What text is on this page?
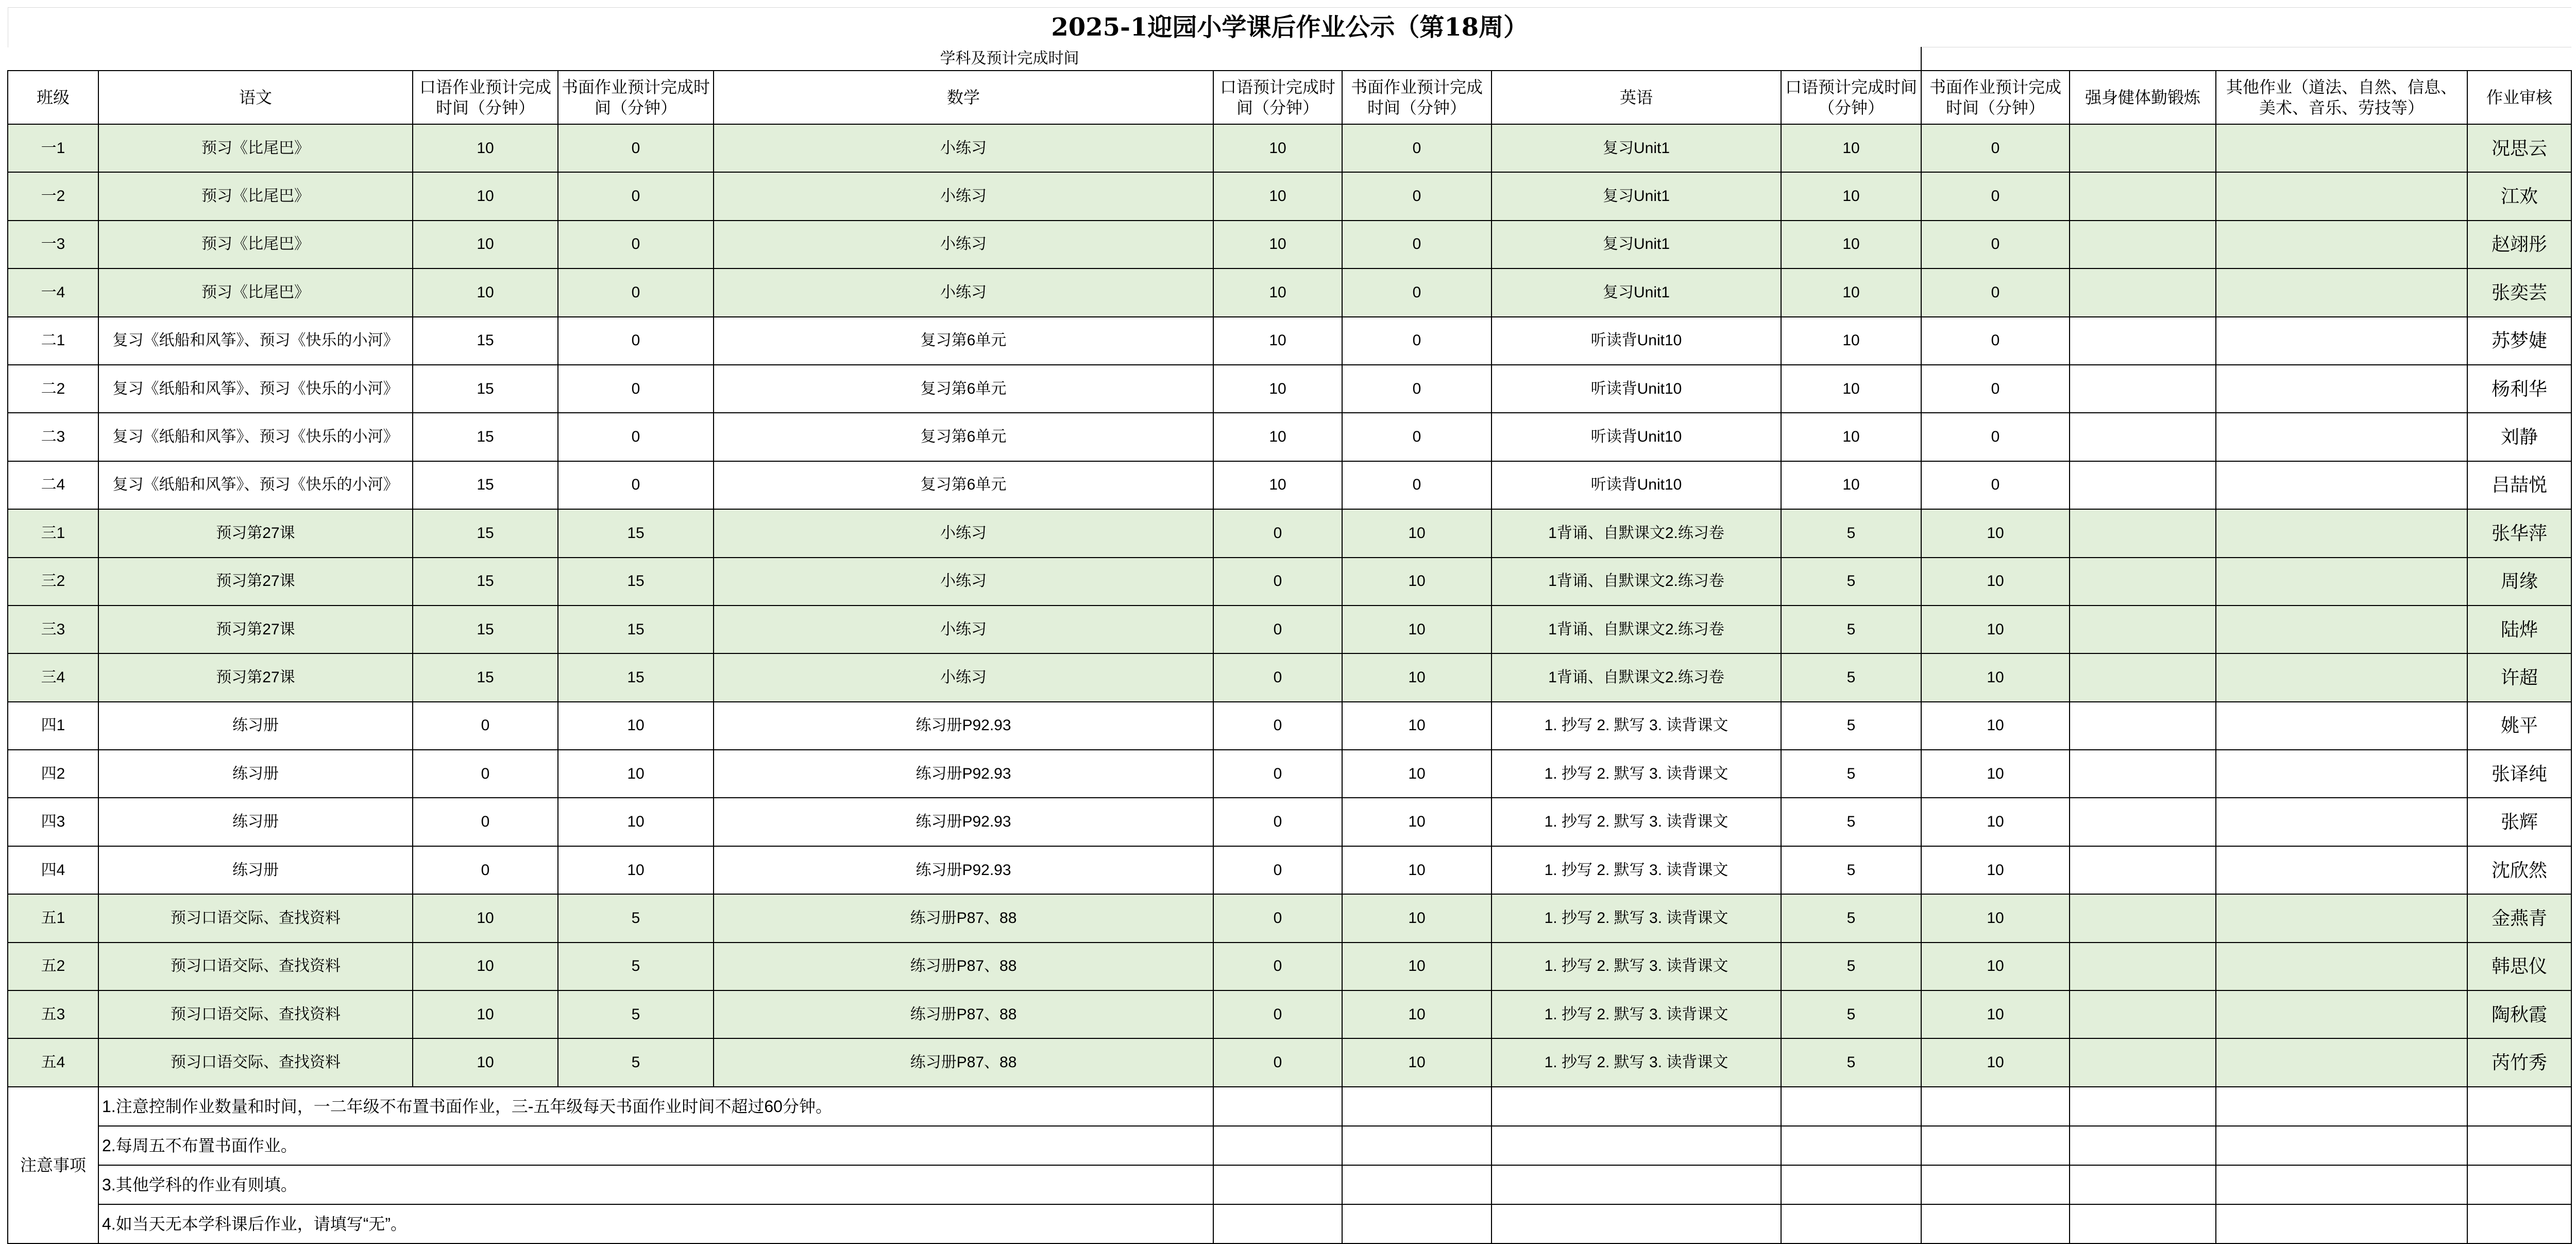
2025-1迎园小学课后作业公示（第18周）												
	学科及预计完成时间											
班级	语文	口语作业预计完成时间（分钟）	书面作业预计完成时间（分钟）	数学	口语预计完成时间（分钟）	书面作业预计完成时间（分钟）	英语	口语预计完成时间（分钟）	书面作业预计完成时间（分钟）	强身健体勤锻炼	其他作业（道法、自然、信息、美术、音乐、劳技等）	作业审核
一1	预习《比尾巴》	10	0	小练习	10	0	复习Unit1	10	0			况思云
一2	预习《比尾巴》	10	0	小练习	10	0	复习Unit1	10	0			江欢
一3	预习《比尾巴》	10	0	小练习	10	0	复习Unit1	10	0			赵翊彤
一4	预习《比尾巴》	10	0	小练习	10	0	复习Unit1	10	0			张奕芸
二1	复习《纸船和风筝》、预习《快乐的小河》	15	0	复习第6单元	10	0	听读背Unit10	10	0			苏梦婕
二2	复习《纸船和风筝》、预习《快乐的小河》	15	0	复习第6单元	10	0	听读背Unit10	10	0			杨利华
二3	复习《纸船和风筝》、预习《快乐的小河》	15	0	复习第6单元	10	0	听读背Unit10	10	0			刘静
二4	复习《纸船和风筝》、预习《快乐的小河》	15	0	复习第6单元	10	0	听读背Unit10	10	0			吕喆悦
三1	预习第27课	15	15	小练习	0	10	1背诵、自默课文2.练习卷	5	10			张华萍
三2	预习第27课	15	15	小练习	0	10	1背诵、自默课文2.练习卷	5	10			周缘
三3	预习第27课	15	15	小练习	0	10	1背诵、自默课文2.练习卷	5	10			陆烨
三4	预习第27课	15	15	小练习	0	10	1背诵、自默课文2.练习卷	5	10			许超
四1	练习册	0	10	练习册P92.93	0	10	1. 抄写 2. 默写 3. 读背课文	5	10			姚平
四2	练习册	0	10	练习册P92.93	0	10	1. 抄写 2. 默写 3. 读背课文	5	10			张译纯
四3	练习册	0	10	练习册P92.93	0	10	1. 抄写 2. 默写 3. 读背课文	5	10			张辉
四4	练习册	0	10	练习册P92.93	0	10	1. 抄写 2. 默写 3. 读背课文	5	10			沈欣然
五1	预习口语交际、查找资料	10	5	练习册P87、88	0	10	1. 抄写 2. 默写 3. 读背课文	5	10			金燕青
五2	预习口语交际、查找资料	10	5	练习册P87、88	0	10	1. 抄写 2. 默写 3. 读背课文	5	10			韩思仪
五3	预习口语交际、查找资料	10	5	练习册P87、88	0	10	1. 抄写 2. 默写 3. 读背课文	5	10			陶秋霞
五4	预习口语交际、查找资料	10	5	练习册P87、88	0	10	1. 抄写 2. 默写 3. 读背课文	5	10			芮竹秀
注意事项	1.注意控制作业数量和时间，一二年级不布置书面作业，三-五年级每天书面作业时间不超过60分钟。											
	2.每周五不布置书面作业。											
	3.其他学科的作业有则填。											
	4.如当天无本学科课后作业，请填写“无”。											
